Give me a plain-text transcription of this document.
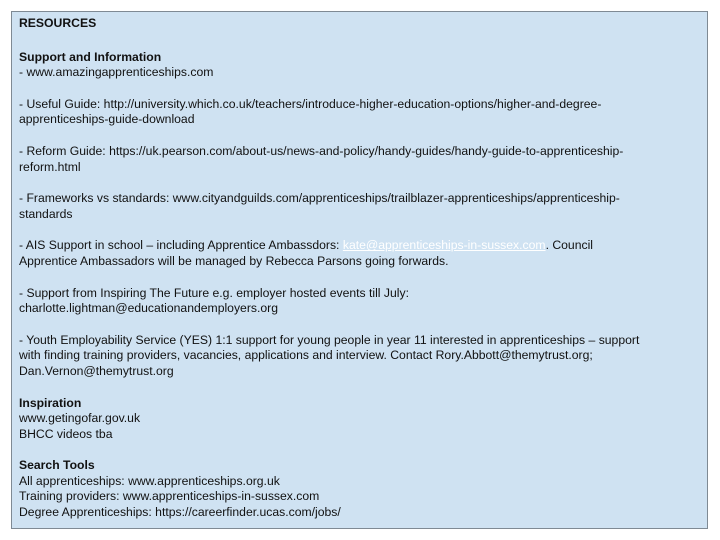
RESOURCES
Support and Information
- www.amazingapprenticeships.com
- Useful Guide: http://university.which.co.uk/teachers/introduce-higher-education-options/higher-and-degree-
apprenticeships-guide-download
- Reform Guide: https://uk.pearson.com/about-us/news-and-policy/handy-guides/handy-guide-to-apprenticeship-
reform.html
- Frameworks vs standards: www.cityandguilds.com/apprenticeships/trailblazer-apprenticeships/apprenticeship-
standards
- AIS Support in school – including Apprentice Ambassdors: kate@apprenticeships-in-sussex.com. Council
Apprentice Ambassadors will be managed by Rebecca Parsons going forwards.
- Support from Inspiring The Future e.g. employer hosted events till July:
charlotte.lightman@educationandemployers.org
- Youth Employability Service (YES) 1:1 support for young people in year 11 interested in apprenticeships – support
with finding training providers, vacancies, applications and interview. Contact Rory.Abbott@themytrust.org;
Dan.Vernon@themytrust.org
Inspiration
www.getingofar.gov.uk
BHCC videos tba
Search Tools
All apprenticeships: www.apprenticeships.org.uk
Training providers: www.apprenticeships-in-sussex.com
Degree Apprenticeships: https://careerfinder.ucas.com/jobs/
